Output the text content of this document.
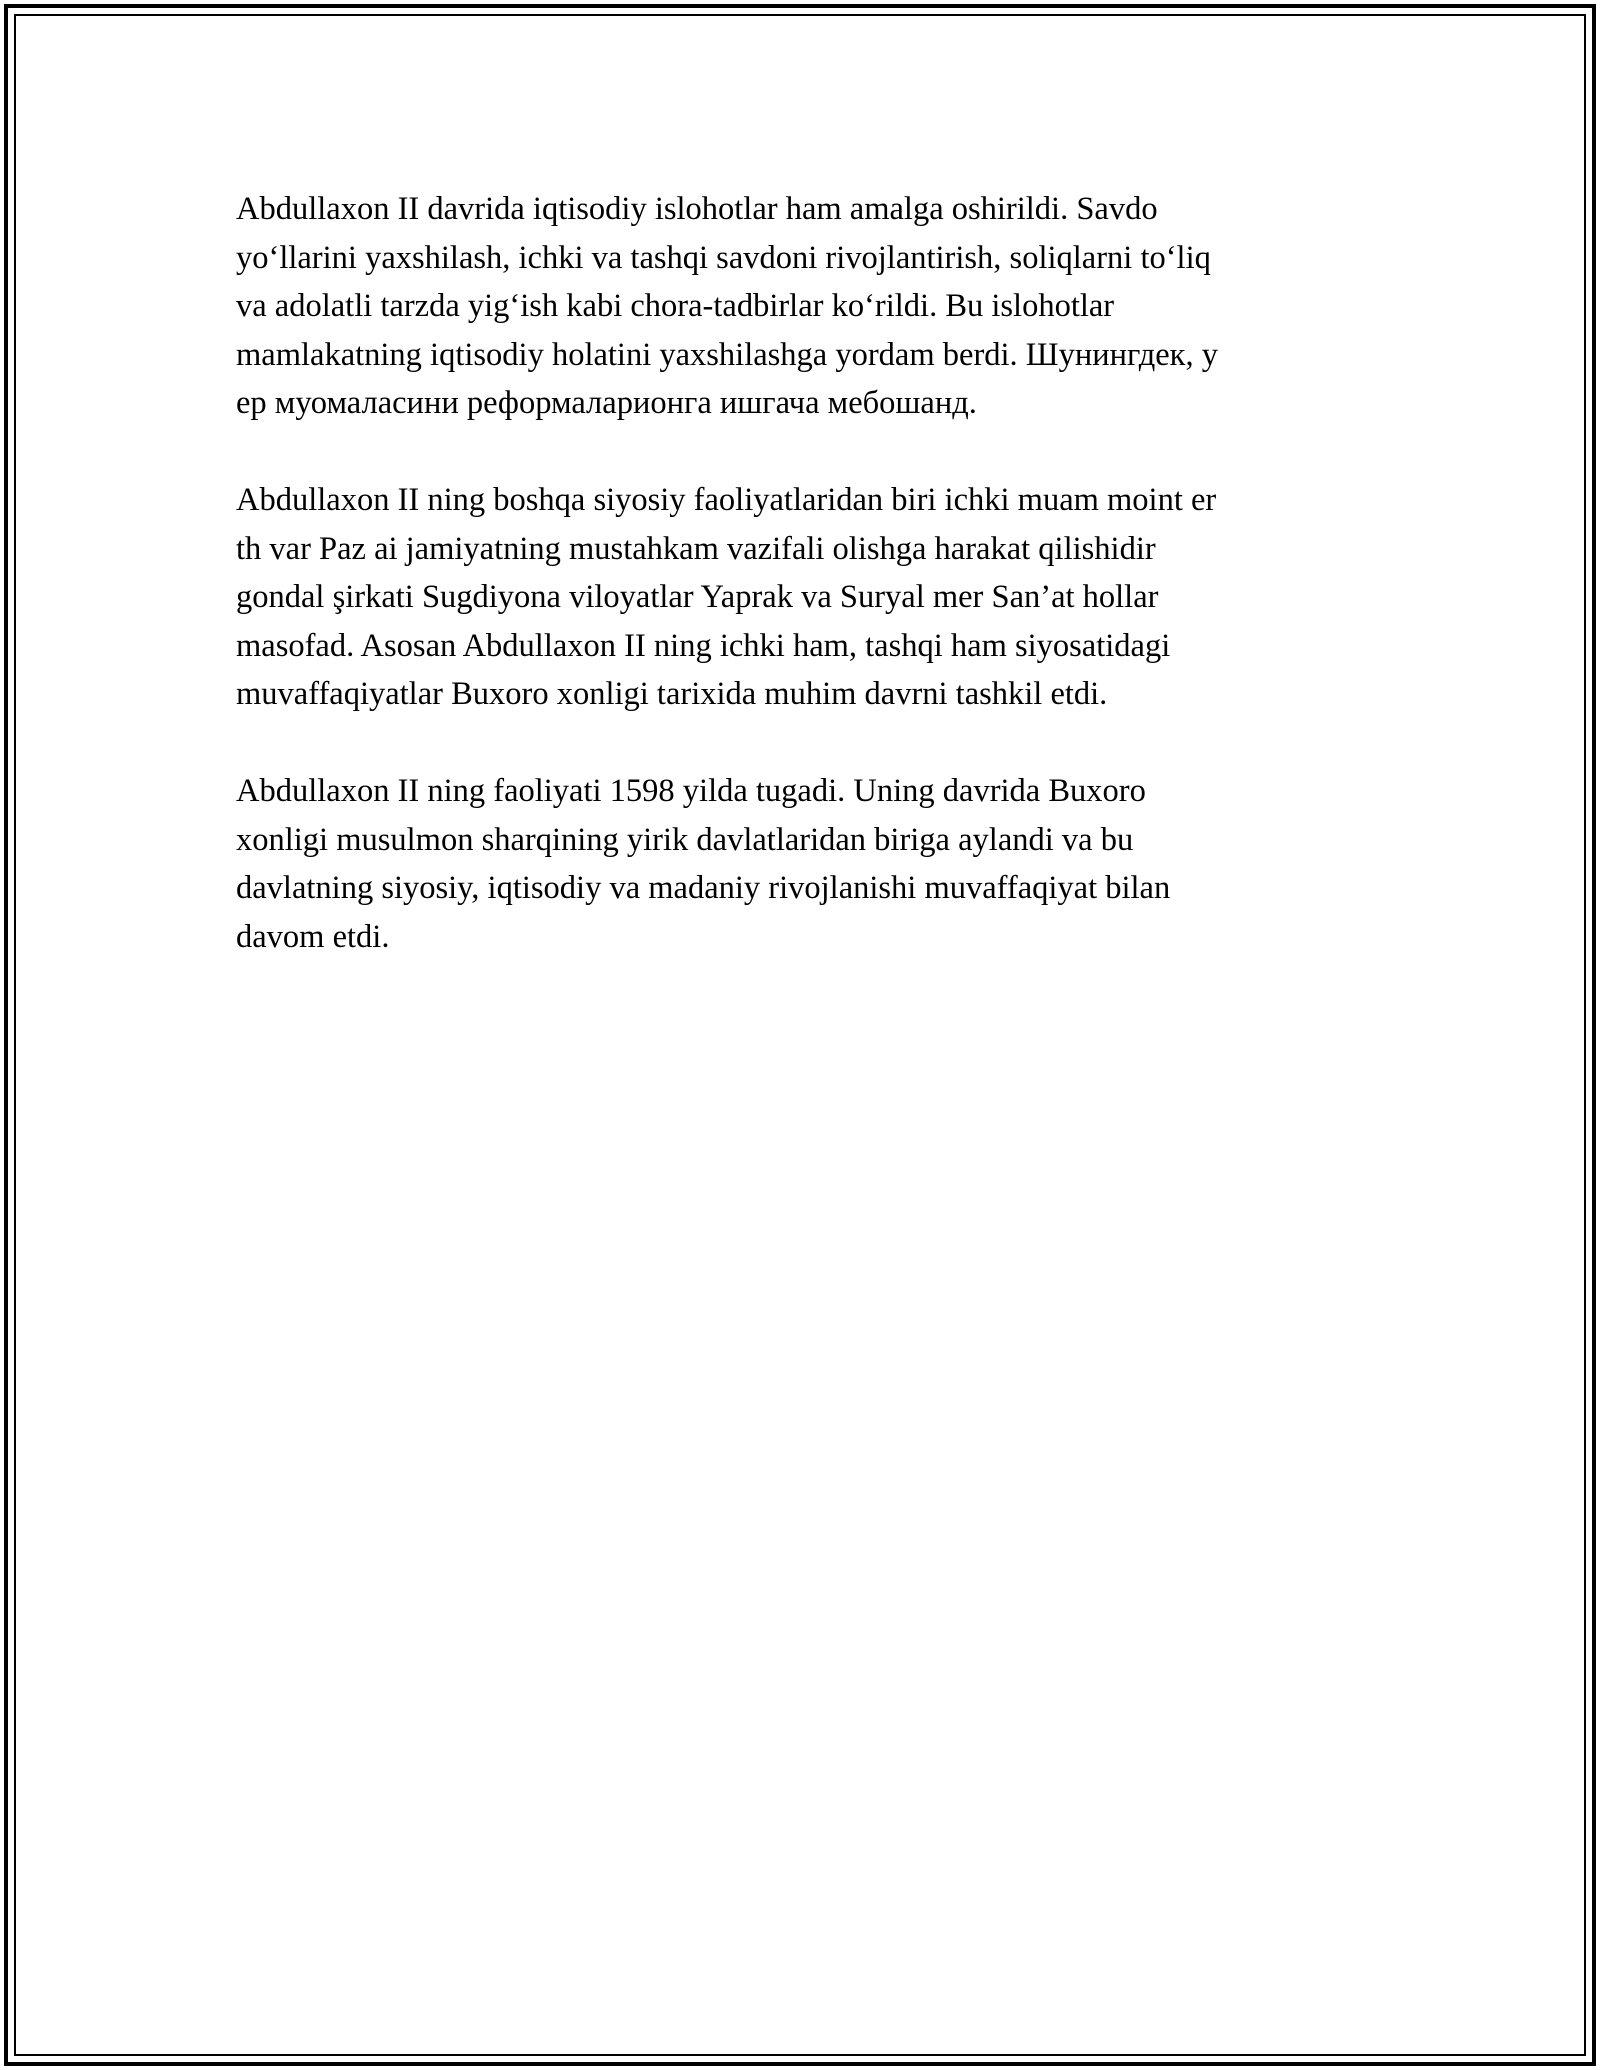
Abdullaxon II davrida iqtisodiy islohotlar ham amalga oshirildi. Savdo
yo‘llarini yaxshilash, ichki va tashqi savdoni rivojlantirish, soliqlarni to‘liq
va adolatli tarzda yig‘ish kabi chora-tadbirlar ko‘rildi. Bu islohotlar
mamlakatning iqtisodiy holatini yaxshilashga yordam berdi. Шунингдек, у
ер муомаласини реформаларионга ишгача мебошанд.

Abdullaxon II ning boshqa siyosiy faoliyatlaridan biri ichki muam moint er
th var Paz ai jamiyatning mustahkam vazifali olishga harakat qilishidir
gondal şirkati Sugdiyona viloyatlar Yaprak va Suryal mer San’at hollar
masofad. Asosan Abdullaxon II ning ichki ham, tashqi ham siyosatidagi
muvaffaqiyatlar Buxoro xonligi tarixida muhim davrni tashkil etdi.

Abdullaxon II ning faoliyati 1598 yilda tugadi. Uning davrida Buxoro
xonligi musulmon sharqining yirik davlatlaridan biriga aylandi va bu
davlatning siyosiy, iqtisodiy va madaniy rivojlanishi muvaffaqiyat bilan
davom etdi.
